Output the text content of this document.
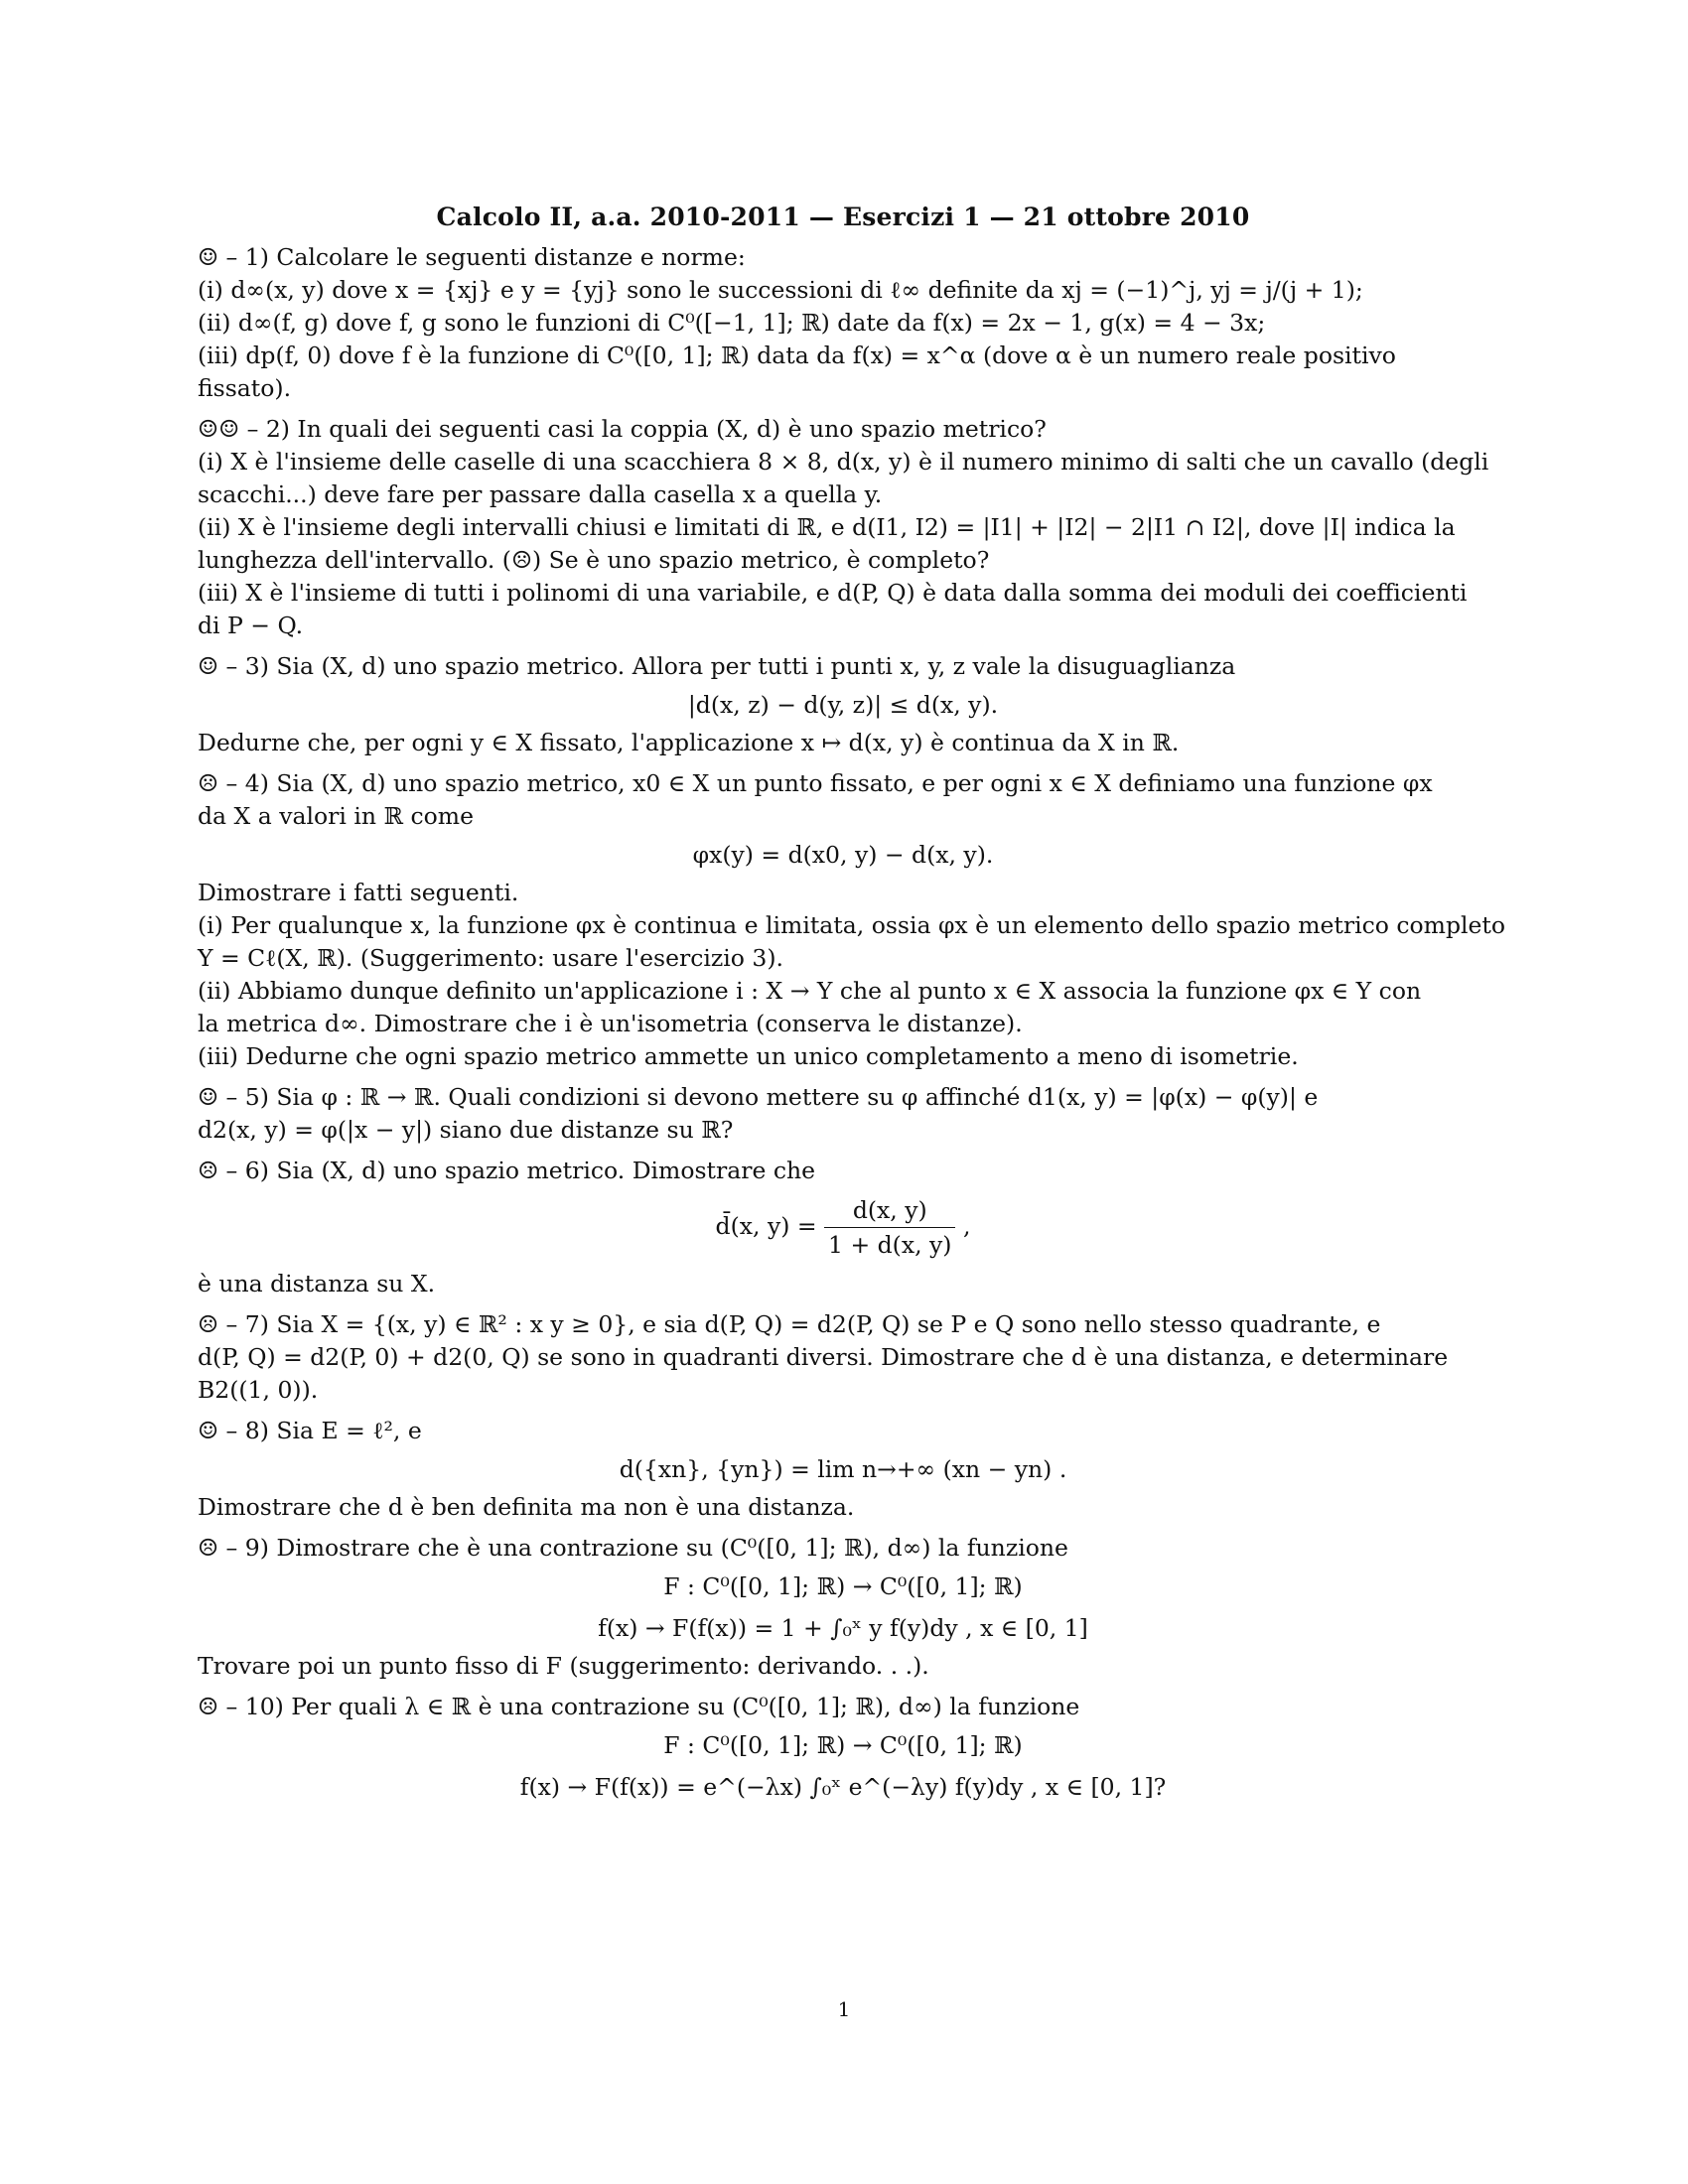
Calcolo II, a.a. 2010-2011 — Esercizi 1 — 21 ottobre 2010
☺ – 1) Calcolare le seguenti distanze e norme:
(i) d∞(x, y) dove x = {xj} e y = {yj} sono le successioni di ℓ∞ definite da xj = (−1)^j, yj = j/(j + 1);
(ii) d∞(f, g) dove f, g sono le funzioni di C⁰([−1, 1]; ℝ) date da f(x) = 2x − 1, g(x) = 4 − 3x;
(iii) dp(f, 0) dove f è la funzione di C⁰([0, 1]; ℝ) data da f(x) = x^α (dove α è un numero reale positivo
fissato).
☺☺ – 2) In quali dei seguenti casi la coppia (X, d) è uno spazio metrico?
(i) X è l'insieme delle caselle di una scacchiera 8 × 8, d(x, y) è il numero minimo di salti che un cavallo (degli
scacchi...) deve fare per passare dalla casella x a quella y.
(ii) X è l'insieme degli intervalli chiusi e limitati di ℝ, e d(I1, I2) = |I1| + |I2| − 2|I1 ∩ I2|, dove |I| indica la
lunghezza dell'intervallo. (☹) Se è uno spazio metrico, è completo?
(iii) X è l'insieme di tutti i polinomi di una variabile, e d(P, Q) è data dalla somma dei moduli dei coefficienti
di P − Q.
☺ – 3) Sia (X, d) uno spazio metrico. Allora per tutti i punti x, y, z vale la disuguaglianza
|d(x, z) − d(y, z)| ≤ d(x, y).
Dedurne che, per ogni y ∈ X fissato, l'applicazione x ↦ d(x, y) è continua da X in ℝ.
☹ – 4) Sia (X, d) uno spazio metrico, x0 ∈ X un punto fissato, e per ogni x ∈ X definiamo una funzione φx
da X a valori in ℝ come
φx(y) = d(x0, y) − d(x, y).
Dimostrare i fatti seguenti.
(i) Per qualunque x, la funzione φx è continua e limitata, ossia φx è un elemento dello spazio metrico completo
Y = Cℓ(X, ℝ). (Suggerimento: usare l'esercizio 3).
(ii) Abbiamo dunque definito un'applicazione i : X → Y che al punto x ∈ X associa la funzione φx ∈ Y con
la metrica d∞. Dimostrare che i è un'isometria (conserva le distanze).
(iii) Dedurne che ogni spazio metrico ammette un unico completamento a meno di isometrie.
☺ – 5) Sia φ : ℝ → ℝ. Quali condizioni si devono mettere su φ affinché d1(x, y) = |φ(x) − φ(y)| e
d2(x, y) = φ(|x − y|) siano due distanze su ℝ?
☹ – 6) Sia (X, d) uno spazio metrico. Dimostrare che
d̄(x, $y) = \frac{d(x, y)}{1 + d(x, y)}$ ,
è una distanza su X.
☹ – 7) Sia X = {(x, y) ∈ ℝ² : x y ≥ 0}, e sia d(P, Q) = d2(P, Q) se P e Q sono nello stesso quadrante, e
d(P, Q) = d2(P, 0) + d2(0, Q) se sono in quadranti diversi. Dimostrare che d è una distanza, e determinare
B2((1, 0)).
☺ – 8) Sia E = ℓ², e
d({xn}, {yn}) = lim n→+∞ (xn − yn) .
Dimostrare che d è ben definita ma non è una distanza.
☹ – 9) Dimostrare che è una contrazione su (C⁰([0, 1]; ℝ), d∞) la funzione
F : C⁰([0, 1]; ℝ) → C⁰([0, 1]; ℝ)
f(x) → F(f(x)) = 1 + ∫₀ˣ y f(y)dy , x ∈ [0, 1]
Trovare poi un punto fisso di F (suggerimento: derivando. . .).
☹ – 10) Per quali λ ∈ ℝ è una contrazione su (C⁰([0, 1]; ℝ), d∞) la funzione
F : C⁰([0, 1]; ℝ) → C⁰([0, 1]; ℝ)
f(x) → F(f(x)) = e^(−λx) ∫₀ˣ e^(−λy) f(y)dy , x ∈ [0, 1]?
1
